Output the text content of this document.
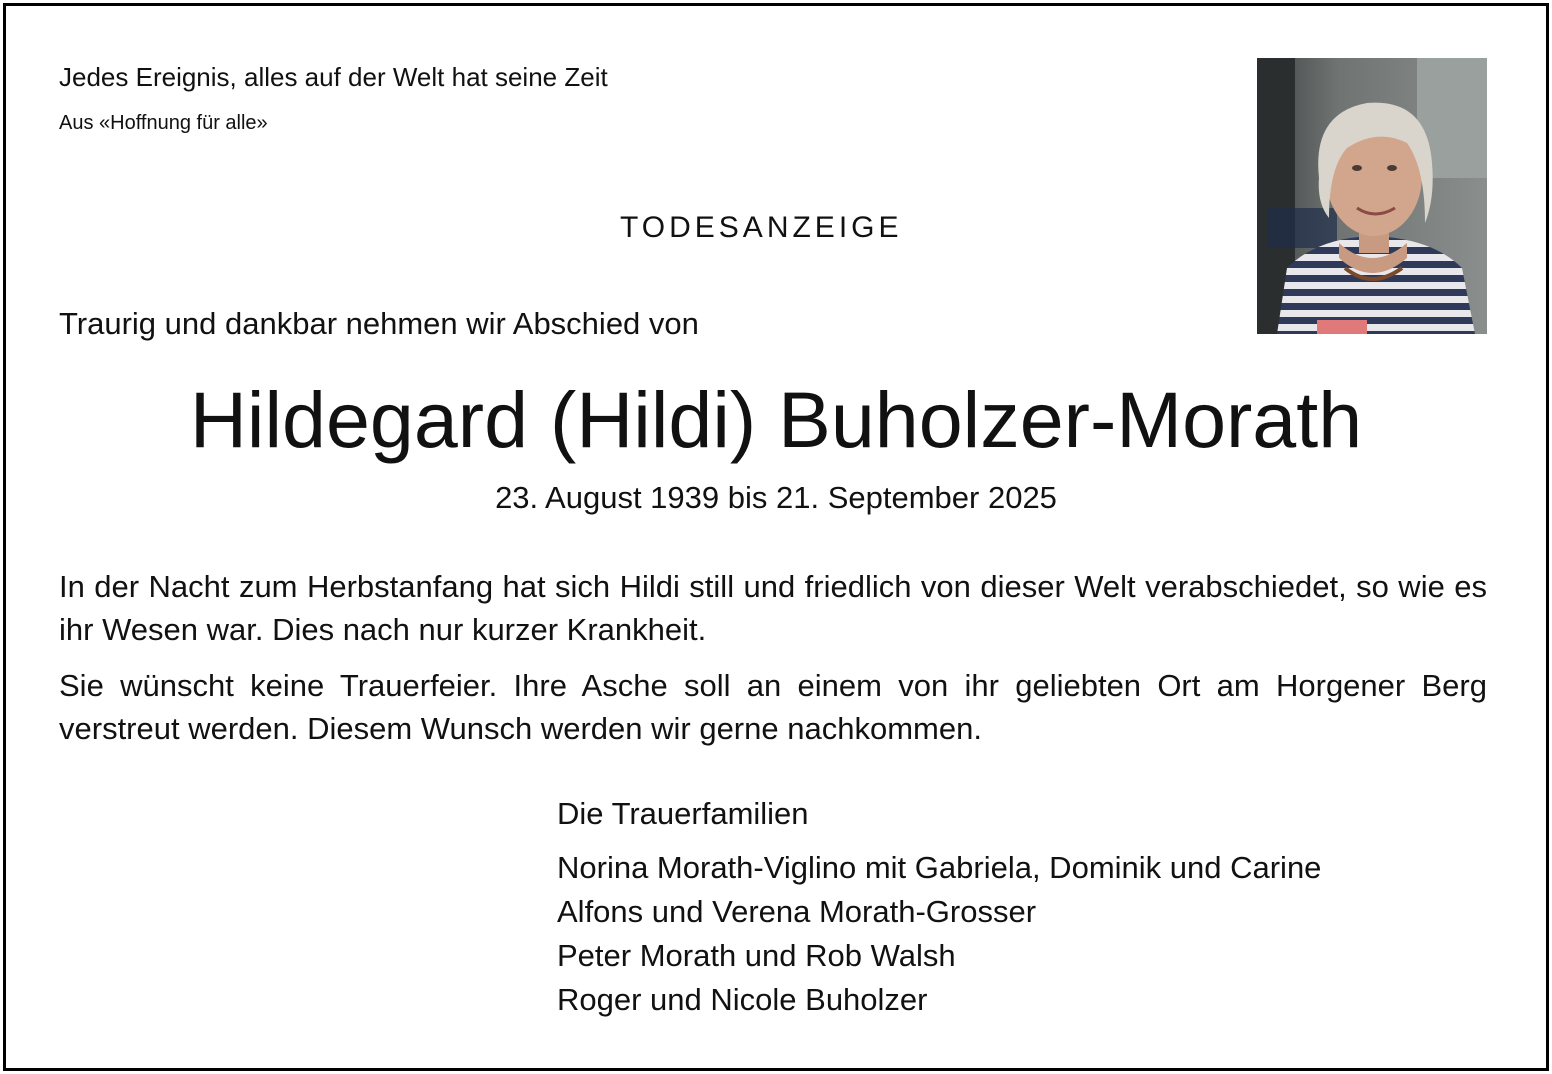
Jedes Ereignis, alles auf der Welt hat seine Zeit
Aus «Hoffnung für alle»
TODESANZEIGE
Traurig und dankbar nehmen wir Abschied von
Hildegard (Hildi) Buholzer-Morath
23. August 1939 bis 21. September 2025

In der Nacht zum Herbstanfang hat sich Hildi still und friedlich von dieser Welt verabschiedet, so wie es ihr Wesen war. Dies nach nur kurzer Krankheit.

Sie wünscht keine Trauerfeier. Ihre Asche soll an einem von ihr geliebten Ort am Horgener Berg verstreut werden. Diesem Wunsch werden wir gerne nachkommen.

Die Trauerfamilien
Norina Morath-Viglino mit Gabriela, Dominik und Carine
Alfons und Verena Morath-Grosser
Peter Morath und Rob Walsh
Roger und Nicole Buholzer
